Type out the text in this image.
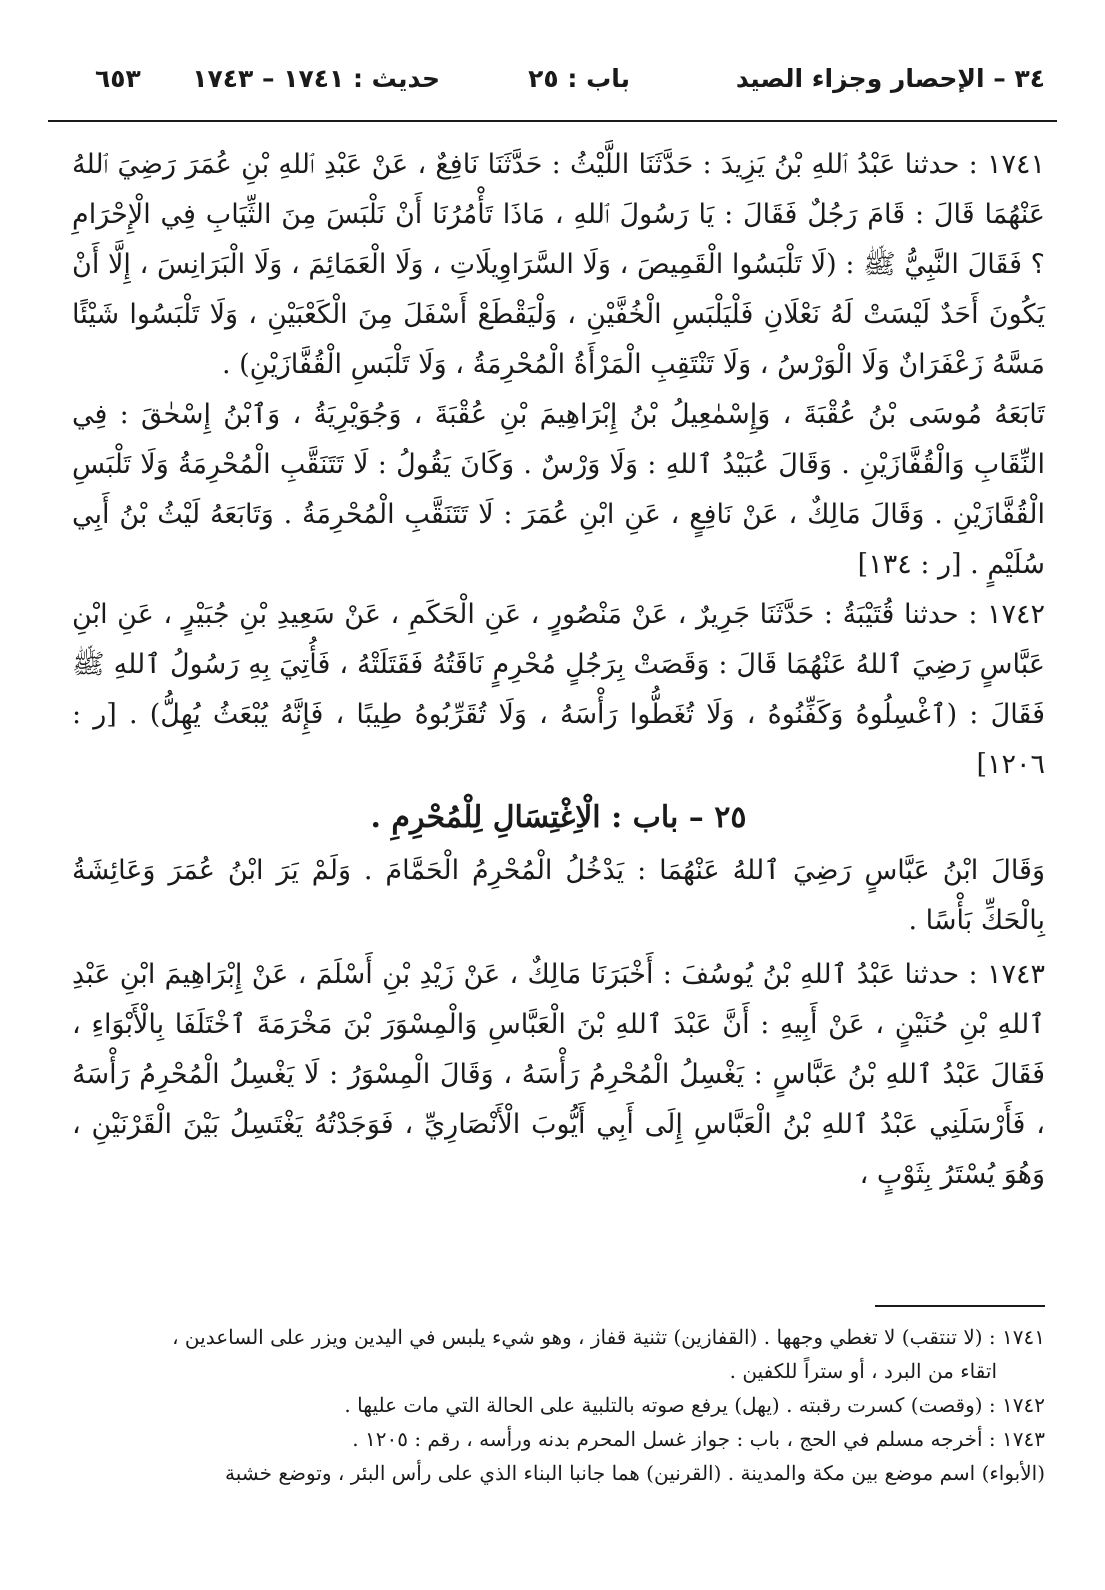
٣٤ – الإحصار وجزاء الصيد
باب : ٢٥
حديث : ١٧٤١ – ١٧٤٣
٦٥٣

١٧٤١ : حدثنا عَبْدُ ٱللهِ بْنُ يَزِيدَ : حَدَّثَنَا اللَّيْثُ : حَدَّثَنَا نَافِعٌ ، عَنْ عَبْدِ ٱللهِ بْنِ عُمَرَ رَضِيَ ٱللهُ عَنْهُمَا قَالَ : قَامَ رَجُلٌ فَقَالَ : يَا رَسُولَ ٱللهِ ، مَاذَا تَأْمُرُنَا أَنْ نَلْبَسَ مِنَ الثِّيَابِ فِي الْإِحْرَامِ ؟ فَقَالَ النَّبِيُّ ﷺ : (لَا تَلْبَسُوا الْقَمِيصَ ، وَلَا السَّرَاوِيلَاتِ ، وَلَا الْعَمَائِمَ ، وَلَا الْبَرَانِسَ ، إِلَّا أَنْ يَكُونَ أَحَدٌ لَيْسَتْ لَهُ نَعْلَانِ فَلْيَلْبَسِ الْخُفَّيْنِ ، وَلْيَقْطَعْ أَسْفَلَ مِنَ الْكَعْبَيْنِ ، وَلَا تَلْبَسُوا شَيْئًا مَسَّهُ زَعْفَرَانٌ وَلَا الْوَرْسُ ، وَلَا تَنْتَقِبِ الْمَرْأَةُ الْمُحْرِمَةُ ، وَلَا تَلْبَسِ الْقُفَّازَيْنِ) .

تَابَعَهُ مُوسَى بْنُ عُقْبَةَ ، وَإِسْمٰعِيلُ بْنُ إِبْرَاهِيمَ بْنِ عُقْبَةَ ، وَجُوَيْرِيَةُ ، وَٱبْنُ إِسْحٰقَ : فِي النِّقَابِ وَالْقُفَّازَيْنِ . وَقَالَ عُبَيْدُ ٱللهِ : وَلَا وَرْسٌ . وَكَانَ يَقُولُ : لَا تَتَنَقَّبِ الْمُحْرِمَةُ وَلَا تَلْبَسِ الْقُفَّازَيْنِ . وَقَالَ مَالِكٌ ، عَنْ نَافِعٍ ، عَنِ ابْنِ عُمَرَ : لَا تَتَنَقَّبِ الْمُحْرِمَةُ . وَتَابَعَهُ لَيْثُ بْنُ أَبِي سُلَيْمٍ . [ر : ١٣٤]

١٧٤٢ : حدثنا قُتَيْبَةُ : حَدَّثَنَا جَرِيرٌ ، عَنْ مَنْصُورٍ ، عَنِ الْحَكَمِ ، عَنْ سَعِيدِ بْنِ جُبَيْرٍ ، عَنِ ابْنِ عَبَّاسٍ رَضِيَ ٱللهُ عَنْهُمَا قَالَ : وَقَصَتْ بِرَجُلٍ مُحْرِمٍ نَاقَتُهُ فَقَتَلَتْهُ ، فَأُتِيَ بِهِ رَسُولُ ٱللهِ ﷺ فَقَالَ : (ٱغْسِلُوهُ وَكَفِّنُوهُ ، وَلَا تُغَطُّوا رَأْسَهُ ، وَلَا تُقَرِّبُوهُ طِيبًا ، فَإِنَّهُ يُبْعَثُ يُهِلُّ) . [ر : ١٢٠٦]

٢٥ – باب : الْاِغْتِسَالِ لِلْمُحْرِمِ .

وَقَالَ ابْنُ عَبَّاسٍ رَضِيَ ٱللهُ عَنْهُمَا : يَدْخُلُ الْمُحْرِمُ الْحَمَّامَ . وَلَمْ يَرَ ابْنُ عُمَرَ وَعَائِشَةُ بِالْحَكِّ بَأْسًا .

١٧٤٣ : حدثنا عَبْدُ ٱللهِ بْنُ يُوسُفَ : أَخْبَرَنَا مَالِكٌ ، عَنْ زَيْدِ بْنِ أَسْلَمَ ، عَنْ إِبْرَاهِيمَ ابْنِ عَبْدِ ٱللهِ بْنِ حُنَيْنٍ ، عَنْ أَبِيهِ : أَنَّ عَبْدَ ٱللهِ بْنَ الْعَبَّاسِ وَالْمِسْوَرَ بْنَ مَخْرَمَةَ ٱخْتَلَفَا بِالْأَبْوَاءِ ، فَقَالَ عَبْدُ ٱللهِ بْنُ عَبَّاسٍ : يَغْسِلُ الْمُحْرِمُ رَأْسَهُ ، وَقَالَ الْمِسْوَرُ : لَا يَغْسِلُ الْمُحْرِمُ رَأْسَهُ ، فَأَرْسَلَنِي عَبْدُ ٱللهِ بْنُ الْعَبَّاسِ إِلَى أَبِي أَيُّوبَ الْأَنْصَارِيِّ ، فَوَجَدْتُهُ يَغْتَسِلُ بَيْنَ الْقَرْنَيْنِ ، وَهُوَ يُسْتَرُ بِثَوْبٍ ،

١٧٤١ : (لا تنتقب) لا تغطي وجهها . (القفازين) تثنية قفاز ، وهو شيء يلبس في اليدين ويزر على الساعدين ،

اتقاء من البرد ، أو ستراً للكفين .

١٧٤٢ : (وقصت) كسرت رقبته . (يهل) يرفع صوته بالتلبية على الحالة التي مات عليها .

١٧٤٣ : أخرجه مسلم في الحج ، باب : جواز غسل المحرم بدنه ورأسه ، رقم : ١٢٠٥ .

(الأبواء) اسم موضع بين مكة والمدينة . (القرنين) هما جانبا البناء الذي على رأس البئر ، وتوضع خشبة
